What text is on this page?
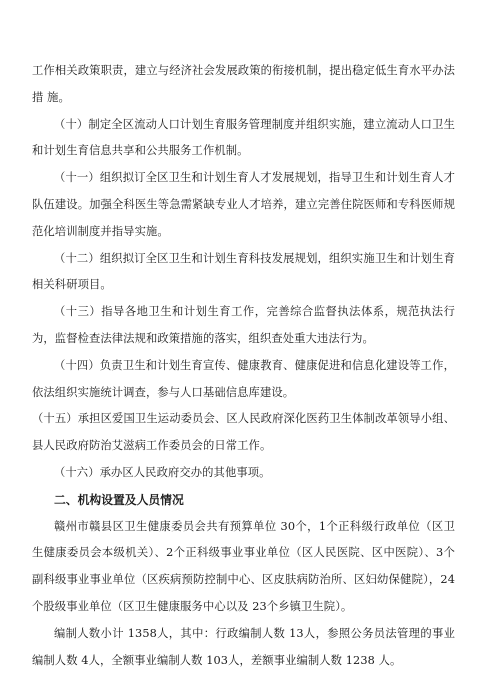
工作相关政策职责，建立与经济社会发展政策的衔接机制，提出稳定低生育水平办法措 施。

（十）制定全区流动人口计划生育服务管理制度并组织实施，建立流动人口卫生和计划生育信息共享和公共服务工作机制。

（十一）组织拟订全区卫生和计划生育人才发展规划，指导卫生和计划生育人才队伍建设。加强全科医生等急需紧缺专业人才培养，建立完善住院医师和专科医师规范化培训制度并指导实施。

（十二）组织拟订全区卫生和计划生育科技发展规划，组织实施卫生和计划生育相关科研项目。

（十三）指导各地卫生和计划生育工作，完善综合监督执法体系，规范执法行为，监督检查法律法规和政策措施的落实，组织查处重大违法行为。

（十四）负责卫生和计划生育宣传、健康教育、健康促进和信息化建设等工作，依法组织实施统计调查，参与人口基础信息库建设。

（十五）承担区爱国卫生运动委员会、区人民政府深化医药卫生体制改革领导小组、县人民政府防治艾滋病工作委员会的日常工作。

（十六）承办区人民政府交办的其他事项。

二、机构设置及人员情况

赣州市赣县区卫生健康委员会共有预算单位 30个，1个正科级行政单位（区卫生健康委员会本级机关）、2个正科级事业事业单位（区人民医院、区中医院）、3个副科级事业事业单位（区疾病预防控制中心、区皮肤病防治所、区妇幼保健院），24个股级事业单位（区卫生健康服务中心以及 23个乡镇卫生院）。

编制人数小计 1358人，其中：行政编制人数 13人，参照公务员法管理的事业编制人数 4人，全额事业编制人数 103人，差额事业编制人数 1238 人。
